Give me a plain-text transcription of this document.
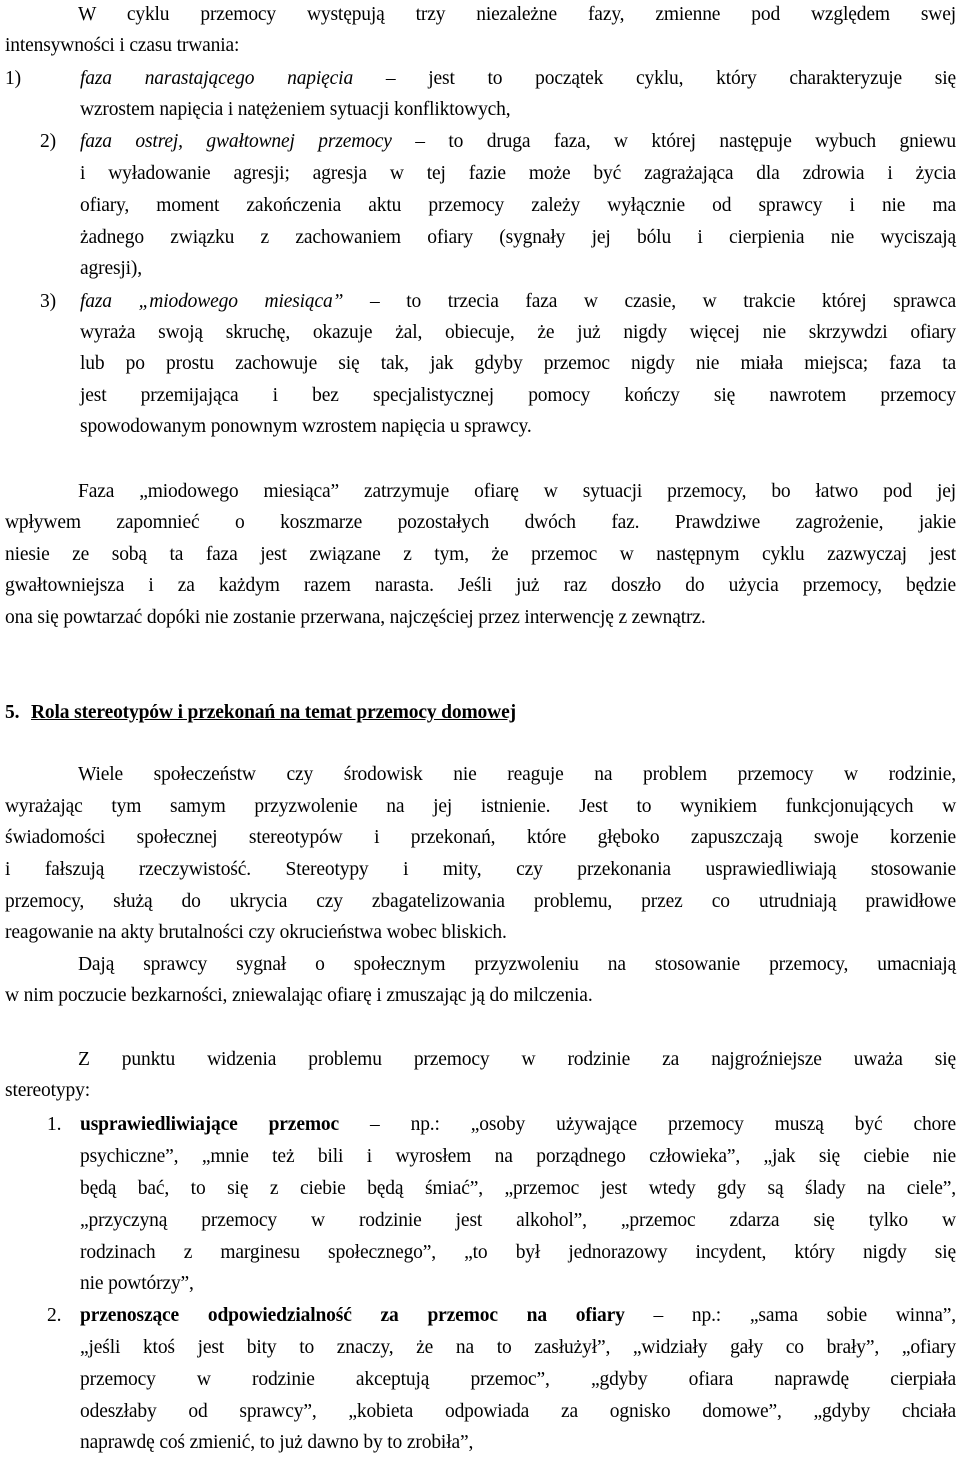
W cyklu przemocy występują trzy niezależne fazy, zmienne pod względem swej
intensywności i czasu trwania:
1)	faza narastającego napięcia – jest to początek cyklu, który charakteryzuje się
wzrostem napięcia i natężeniem sytuacji konfliktowych,
2) faza ostrej, gwałtownej przemocy – to druga faza, w której następuje wybuch gniewu
i wyładowanie agresji; agresja w tej fazie może być zagrażająca dla zdrowia i życia
ofiary, moment zakończenia aktu przemocy zależy wyłącznie od sprawcy i nie ma
żadnego związku z zachowaniem ofiary (sygnały jej bólu i cierpienia nie wyciszają
agresji),
3) faza „miodowego miesiąca” – to trzecia faza w czasie, w trakcie której sprawca
wyraża swoją skruchę, okazuje żal, obiecuje, że już nigdy więcej nie skrzywdzi ofiary
lub po prostu zachowuje się tak, jak gdyby przemoc nigdy nie miała miejsca; faza ta
jest przemijająca i bez specjalistycznej pomocy kończy się nawrotem przemocy
spowodowanym ponownym wzrostem napięcia u sprawcy.
Faza „miodowego miesiąca” zatrzymuje ofiarę w sytuacji przemocy, bo łatwo pod jej
wpływem zapomnieć o koszmarze pozostałych dwóch faz. Prawdziwe zagrożenie, jakie
niesie ze sobą ta faza jest związane z tym, że przemoc w następnym cyklu zazwyczaj jest
gwałtowniejsza i za każdym razem narasta. Jeśli już raz doszło do użycia przemocy, będzie
ona się powtarzać dopóki nie zostanie przerwana, najczęściej przez interwencję z zewnątrz.
5. Rola stereotypów i przekonań na temat przemocy domowej
Wiele społeczeństw czy środowisk nie reaguje na problem przemocy w rodzinie,
wyrażając tym samym przyzwolenie na jej istnienie. Jest to wynikiem funkcjonujących w
świadomości społecznej stereotypów i przekonań, które głęboko zapuszczają swoje korzenie
i fałszują rzeczywistość. Stereotypy i mity, czy przekonania usprawiedliwiają stosowanie
przemocy, służą do ukrycia czy zbagatelizowania problemu, przez co utrudniają prawidłowe
reagowanie na akty brutalności czy okrucieństwa wobec bliskich.
Dają sprawcy sygnał o społecznym przyzwoleniu na stosowanie przemocy, umacniają
w nim poczucie bezkarności, zniewalając ofiarę i zmuszając ją do milczenia.
Z punktu widzenia problemu przemocy w rodzinie za najgroźniejsze uważa się
stereotypy:
1. usprawiedliwiające przemoc – np.: „osoby używające przemocy muszą być chore
psychiczne”, „mnie też bili i wyrosłem na porządnego człowieka”, „jak się ciebie nie
będą bać, to się z ciebie będą śmiać”, „przemoc jest wtedy gdy są ślady na ciele”,
„przyczyną przemocy w rodzinie jest alkohol”, „przemoc zdarza się tylko w
rodzinach z marginesu społecznego”, „to był jednorazowy incydent, który nigdy się
nie powtórzy”,
2. przenoszące odpowiedzialność za przemoc na ofiary – np.: „sama sobie winna”,
„jeśli ktoś jest bity to znaczy, że na to zasłużył”, „widziały gały co brały”, „ofiary
przemocy w rodzinie akceptują przemoc”, „gdyby ofiara naprawdę cierpiała
odeszłaby od sprawcy”, „kobieta odpowiada za ognisko domowe”, „gdyby chciała
naprawdę coś zmienić, to już dawno by to zrobiła”,
